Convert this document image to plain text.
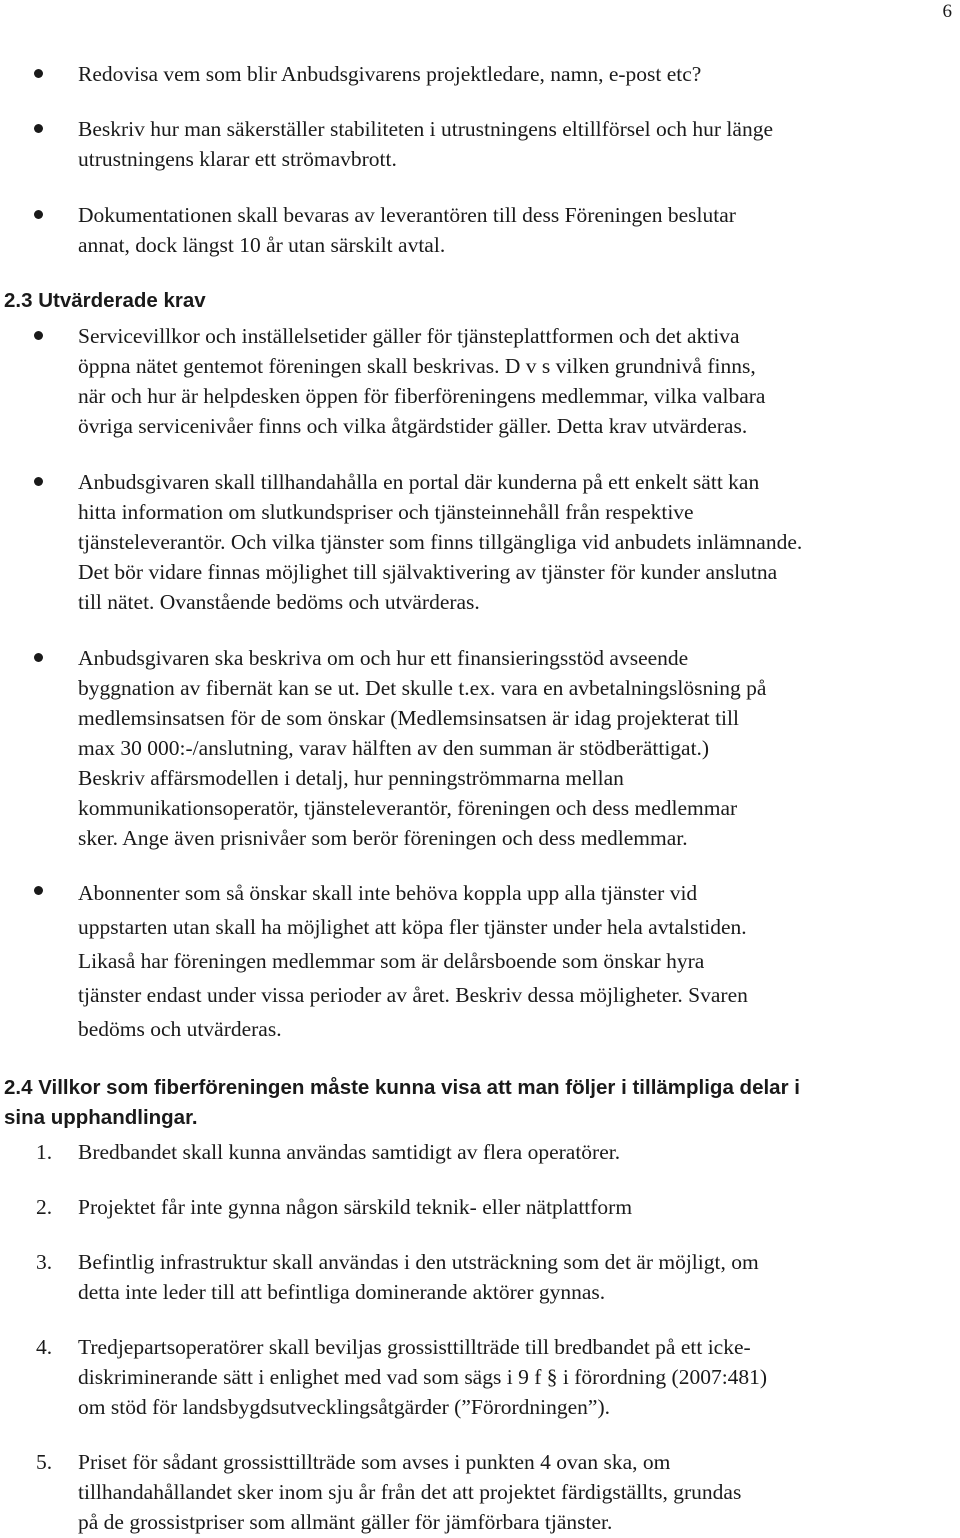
6
Redovisa vem som blir Anbudsgivarens projektledare, namn, e-post etc?
Beskriv hur man säkerställer stabiliteten i utrustningens eltillförsel och hur länge
utrustningens klarar ett strömavbrott.
Dokumentationen skall bevaras av leverantören till dess Föreningen beslutar
annat, dock längst 10 år utan särskilt avtal.
2.3 Utvärderade krav
Servicevillkor och inställelsetider gäller för tjänsteplattformen och det aktiva
öppna nätet gentemot föreningen skall beskrivas. D v s vilken grundnivå finns,
när och hur är helpdesken öppen för fiberföreningens medlemmar, vilka valbara
övriga servicenivåer finns och vilka åtgärdstider gäller. Detta krav utvärderas.
Anbudsgivaren skall tillhandahålla en portal där kunderna på ett enkelt sätt kan
hitta information om slutkundspriser och tjänsteinnehåll från respektive
tjänsteleverantör. Och vilka tjänster som finns tillgängliga vid anbudets inlämnande.
Det bör vidare finnas möjlighet till självaktivering av tjänster för kunder anslutna
till nätet. Ovanstående bedöms och utvärderas.
Anbudsgivaren ska beskriva om och hur ett finansieringsstöd avseende
byggnation av fibernät kan se ut. Det skulle t.ex. vara en avbetalningslösning på
medlemsinsatsen för de som önskar (Medlemsinsatsen är idag projekterat till
max 30 000:-/anslutning, varav hälften av den summan är stödberättigat.)
Beskriv affärsmodellen i detalj, hur penningströmmarna mellan
kommunikationsoperatör, tjänsteleverantör, föreningen och dess medlemmar
sker. Ange även prisnivåer som berör föreningen och dess medlemmar.
Abonnenter som så önskar skall inte behöva koppla upp alla tjänster vid
uppstarten utan skall ha möjlighet att köpa fler tjänster under hela avtalstiden.
Likaså har föreningen medlemmar som är delårsboende som önskar hyra
tjänster endast under vissa perioder av året. Beskriv dessa möjligheter. Svaren
bedöms och utvärderas.
2.4 Villkor som fiberföreningen måste kunna visa att man följer i tillämpliga delar i
sina upphandlingar.
1. Bredbandet skall kunna användas samtidigt av flera operatörer.
2. Projektet får inte gynna någon särskild teknik- eller nätplattform
3. Befintlig infrastruktur skall användas i den utsträckning som det är möjligt, om
detta inte leder till att befintliga dominerande aktörer gynnas.
4. Tredjepartsoperatörer skall beviljas grossisttillträde till bredbandet på ett icke-
diskriminerande sätt i enlighet med vad som sägs i 9 f § i förordning (2007:481)
om stöd för landsbygdsutvecklingsåtgärder (”Förordningen”).
5. Priset för sådant grossisttillträde som avses i punkten 4 ovan ska, om
tillhandahållandet sker inom sju år från det att projektet färdigställts, grundas
på de grossistpriser som allmänt gäller för jämförbara tjänster.
